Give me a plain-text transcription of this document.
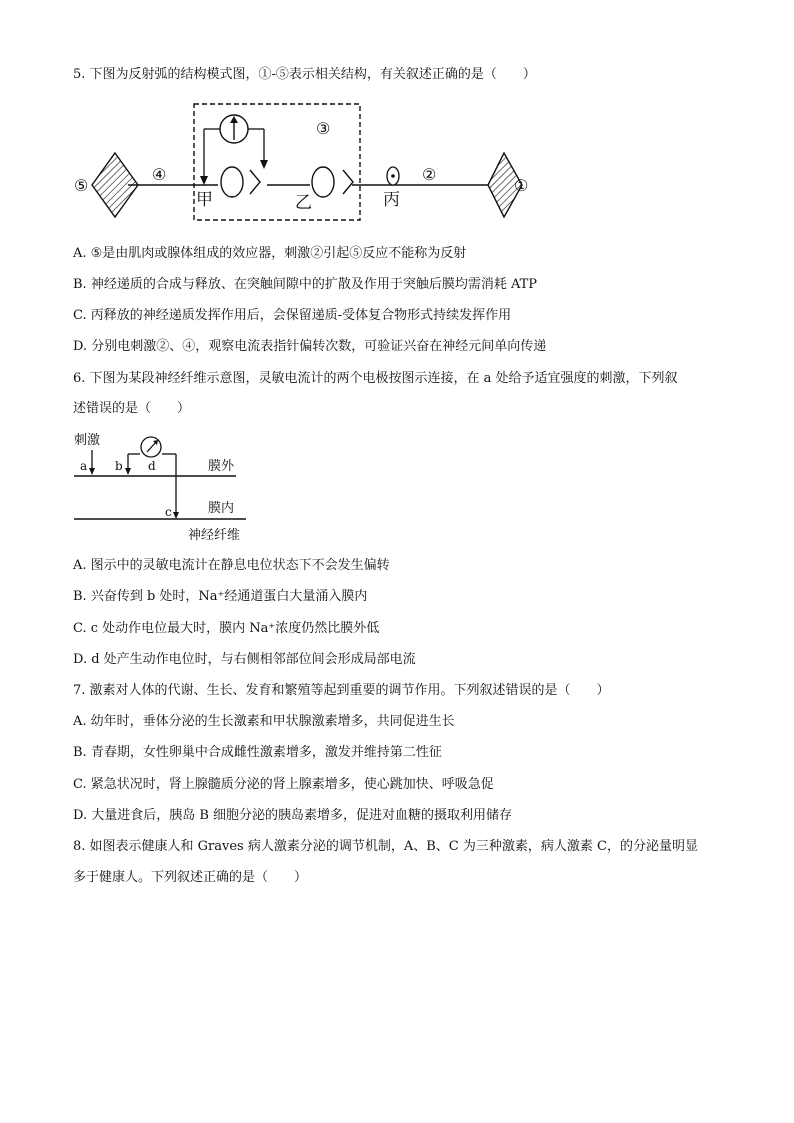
5. 下图为反射弧的结构模式图，①-⑤表示相关结构，有关叙述正确的是（　　）
③
④	②
⑤	①
甲	乙	丙
A. ⑤是由肌肉或腺体组成的效应器，刺激②引起⑤反应不能称为反射
B. 神经递质的合成与释放、在突触间隙中的扩散及作用于突触后膜均需消耗 ATP
C. 丙释放的神经递质发挥作用后，会保留递质-受体复合物形式持续发挥作用
D. 分别电刺激②、④，观察电流表指针偏转次数，可验证兴奋在神经元间单向传递
6. 下图为某段神经纤维示意图，灵敏电流计的两个电极按图示连接，在 a 处给予适宜强度的刺激，下列叙
述错误的是（　　）
刺激
a b d	膜外
膜内
c
神经纤维
A. 图示中的灵敏电流计在静息电位状态下不会发生偏转
B. 兴奋传到 b 处时，Na⁺经通道蛋白大量涌入膜内
C. c 处动作电位最大时，膜内 Na⁺浓度仍然比膜外低
D. d 处产生动作电位时，与右侧相邻部位间会形成局部电流
7. 激素对人体的代谢、生长、发育和繁殖等起到重要的调节作用。下列叙述错误的是（　　）
A. 幼年时，垂体分泌的生长激素和甲状腺激素增多，共同促进生长
B. 青春期，女性卵巢中合成雌性激素增多，激发并维持第二性征
C. 紧急状况时，肾上腺髓质分泌的肾上腺素增多，使心跳加快、呼吸急促
D. 大量进食后，胰岛 B 细胞分泌的胰岛素增多，促进对血糖的摄取利用储存
8. 如图表示健康人和 Graves 病人激素分泌的调节机制，A、B、C 为三种激素，病人激素 C，的分泌量明显
多于健康人。下列叙述正确的是（　　）
